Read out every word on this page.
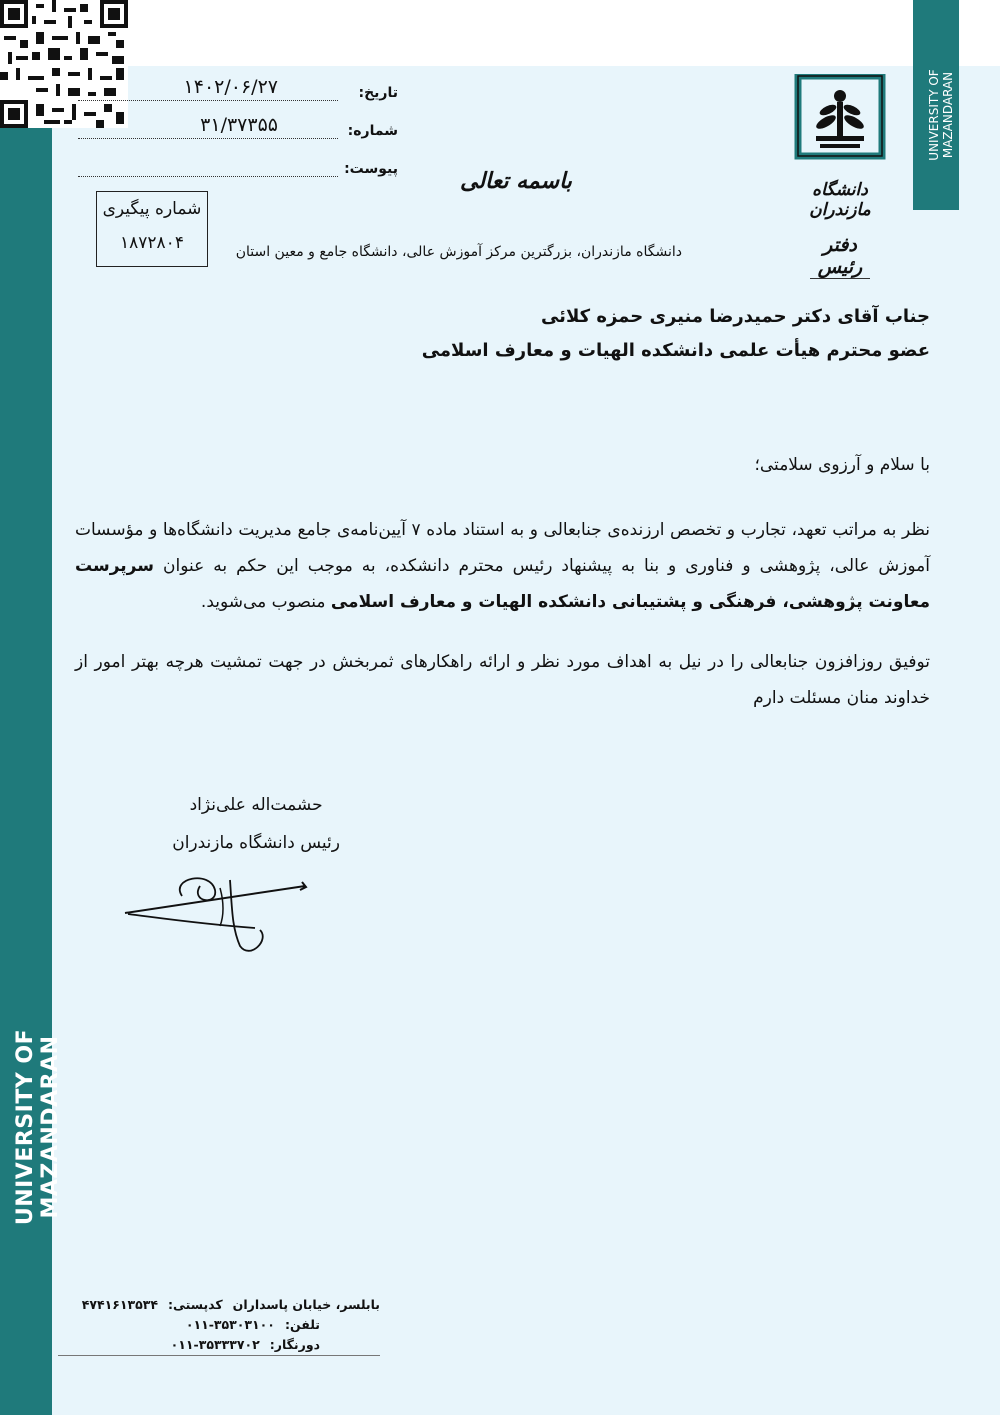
UNIVERSITY OF MAZANDARAN
UNIVERSITY OF MAZANDARAN
تاریخ:
۱۴۰۲/۰۶/۲۷
شماره:
۳۱/۳۷۳۵۵
پیوست:
شماره پیگیری
۱۸۷۲۸۰۴
باسمه تعالی
دانشگاه مازندران، بزرگترین مرکز آموزش عالی، دانشگاه جامع و معین استان
دانشگاه مازندران
دفتر رئیس
جناب آقای دکتر حمیدرضا منیری حمزه کلائی
عضو محترم هیأت علمی دانشکده الهیات و معارف اسلامی
با سلام و آرزوی سلامتی؛
نظر به مراتب تعهد، تجارب و تخصص ارزنده‌ی جنابعالی و به استناد ماده ۷ آیین‌نامه‌ی جامع مدیریت دانشگاه‌ها و مؤسسات آموزش عالی، پژوهشی و فناوری و بنا به پیشنهاد رئیس محترم دانشکده، به موجب این حکم به عنوان سرپرست معاونت پژوهشی، فرهنگی و پشتیبانی دانشکده الهیات و معارف اسلامی منصوب می‌شوید.
توفیق روزافزون جنابعالی را در نیل به اهداف مورد نظر و ارائه راهکارهای ثمربخش در جهت تمشیت هرچه بهتر امور از خداوند منان مسئلت دارم
حشمت‌اله علی‌نژاد
رئیس دانشگاه مازندران
بابلسر، خیابان پاسداران
کدپستی:
۴۷۴۱۶۱۳۵۳۴
تلفن:
۰۱۱-۳۵۳۰۳۱۰۰
دورنگار:
۰۱۱-۳۵۳۳۳۷۰۲
